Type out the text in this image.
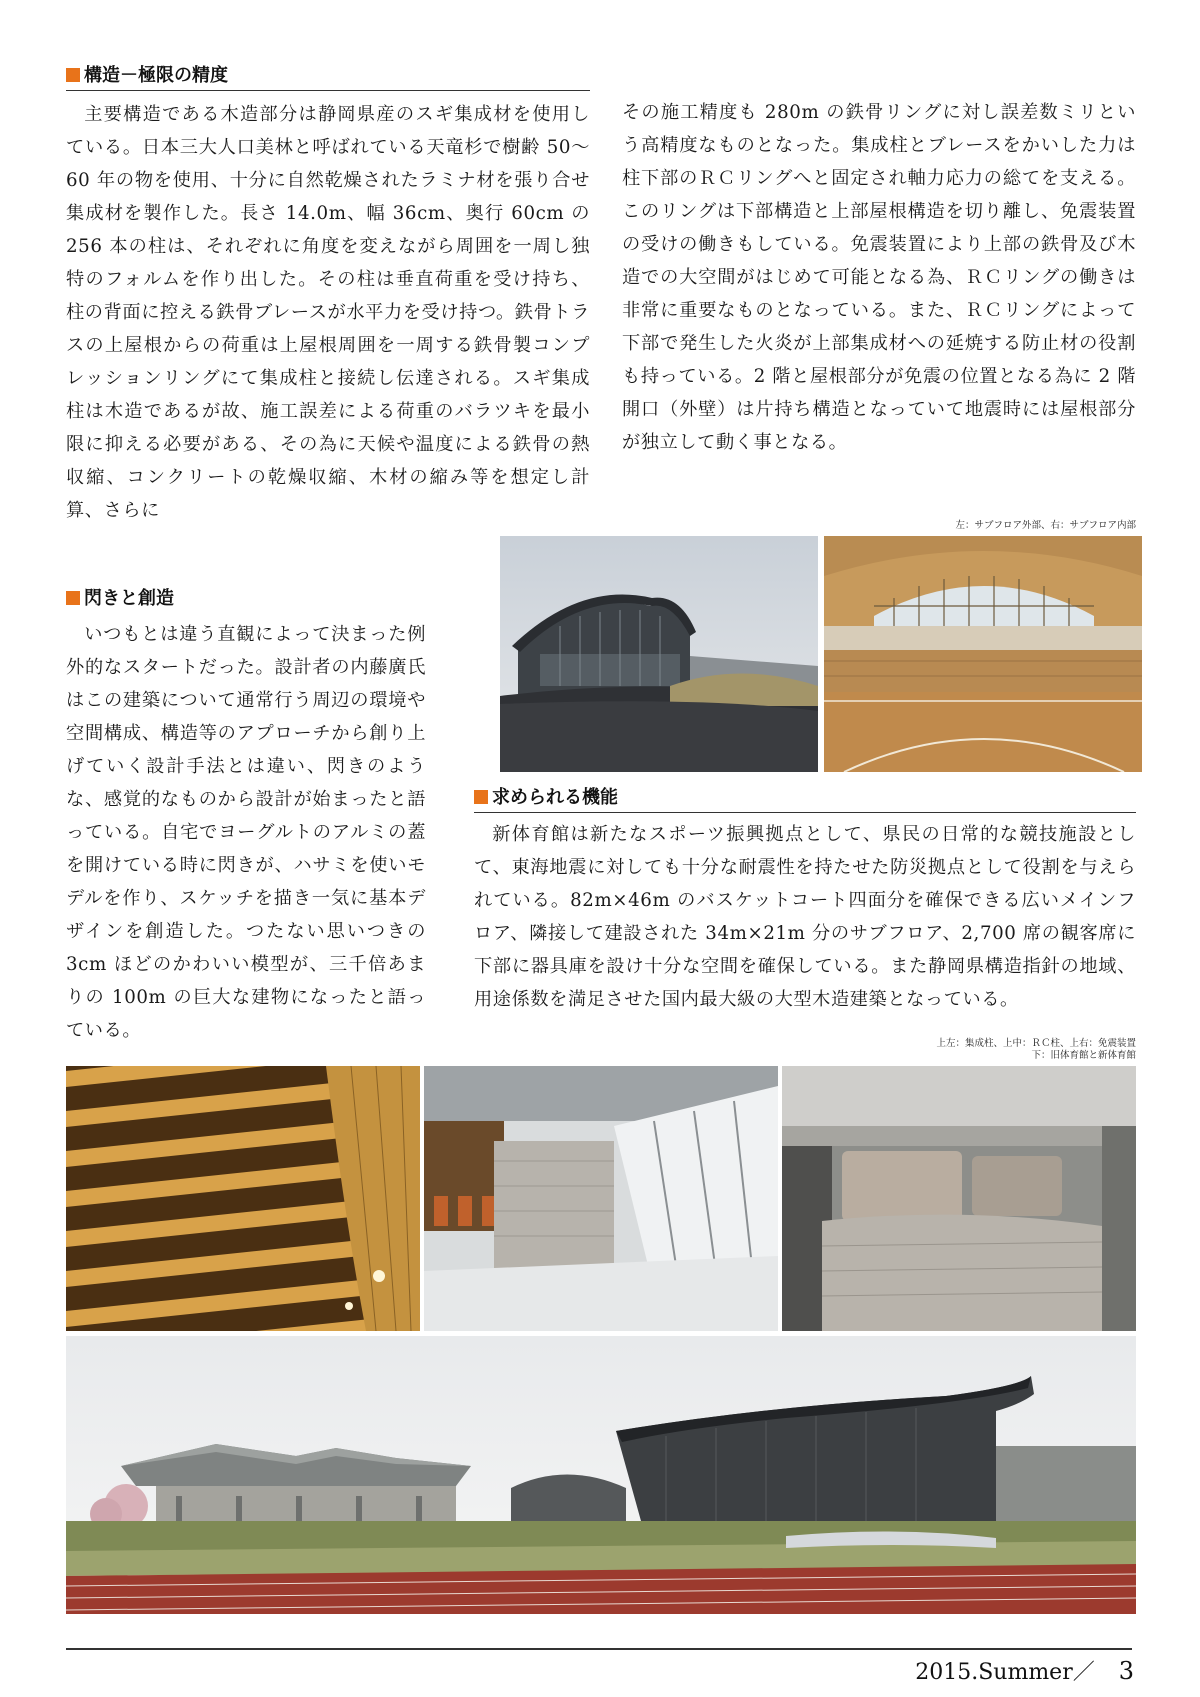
構造－極限の精度

主要構造である木造部分は静岡県産のスギ集成材を使用している。日本三大人口美林と呼ばれている天竜杉で樹齢 50～60 年の物を使用、十分に自然乾燥されたラミナ材を張り合せ集成材を製作した。長さ 14.0m、幅 36cm、奥行 60cm の 256 本の柱は、それぞれに角度を変えながら周囲を一周し独特のフォルムを作り出した。その柱は垂直荷重を受け持ち、柱の背面に控える鉄骨ブレースが水平力を受け持つ。鉄骨トラスの上屋根からの荷重は上屋根周囲を一周する鉄骨製コンプレッションリングにて集成柱と接続し伝達される。スギ集成柱は木造であるが故、施工誤差による荷重のバラツキを最小限に抑える必要がある、その為に天候や温度による鉄骨の熱収縮、コンクリートの乾燥収縮、木材の縮み等を想定し計算、さらに

その施工精度も 280m の鉄骨リングに対し誤差数ミリという高精度なものとなった。集成柱とブレースをかいした力は柱下部のＲＣリングへと固定され軸力応力の総てを支える。このリングは下部構造と上部屋根構造を切り離し、免震装置の受けの働きもしている。免震装置により上部の鉄骨及び木造での大空間がはじめて可能となる為、ＲＣリングの働きは非常に重要なものとなっている。また、ＲＣリングによって下部で発生した火炎が上部集成材への延焼する防止材の役割も持っている。2 階と屋根部分が免震の位置となる為に 2 階開口（外壁）は片持ち構造となっていて地震時には屋根部分が独立して動く事となる。

左：サブフロア外部、右：サブフロア内部
閃きと創造

いつもとは違う直観によって決まった例外的なスタートだった。設計者の内藤廣氏はこの建築について通常行う周辺の環境や空間構成、構造等のアプローチから創り上げていく設計手法とは違い、閃きのような、感覚的なものから設計が始まったと語っている。自宅でヨーグルトのアルミの蓋を開けている時に閃きが、ハサミを使いモデルを作り、スケッチを描き一気に基本デザインを創造した。つたない思いつきの 3cm ほどのかわいい模型が、三千倍あまりの 100m の巨大な建物になったと語っている。

求められる機能

新体育館は新たなスポーツ振興拠点として、県民の日常的な競技施設として、東海地震に対しても十分な耐震性を持たせた防災拠点として役割を与えられている。82m×46m のバスケットコート四面分を確保できる広いメインフロア、隣接して建設された 34m×21m 分のサブフロア、2,700 席の観客席に下部に器具庫を設け十分な空間を確保している。また静岡県構造指針の地域、用途係数を満足させた国内最大級の大型木造建築となっている。

上左：集成柱、上中：ＲＣ柱、上右：免震装置
下：旧体育館と新体育館
2015.Summer／ 3
